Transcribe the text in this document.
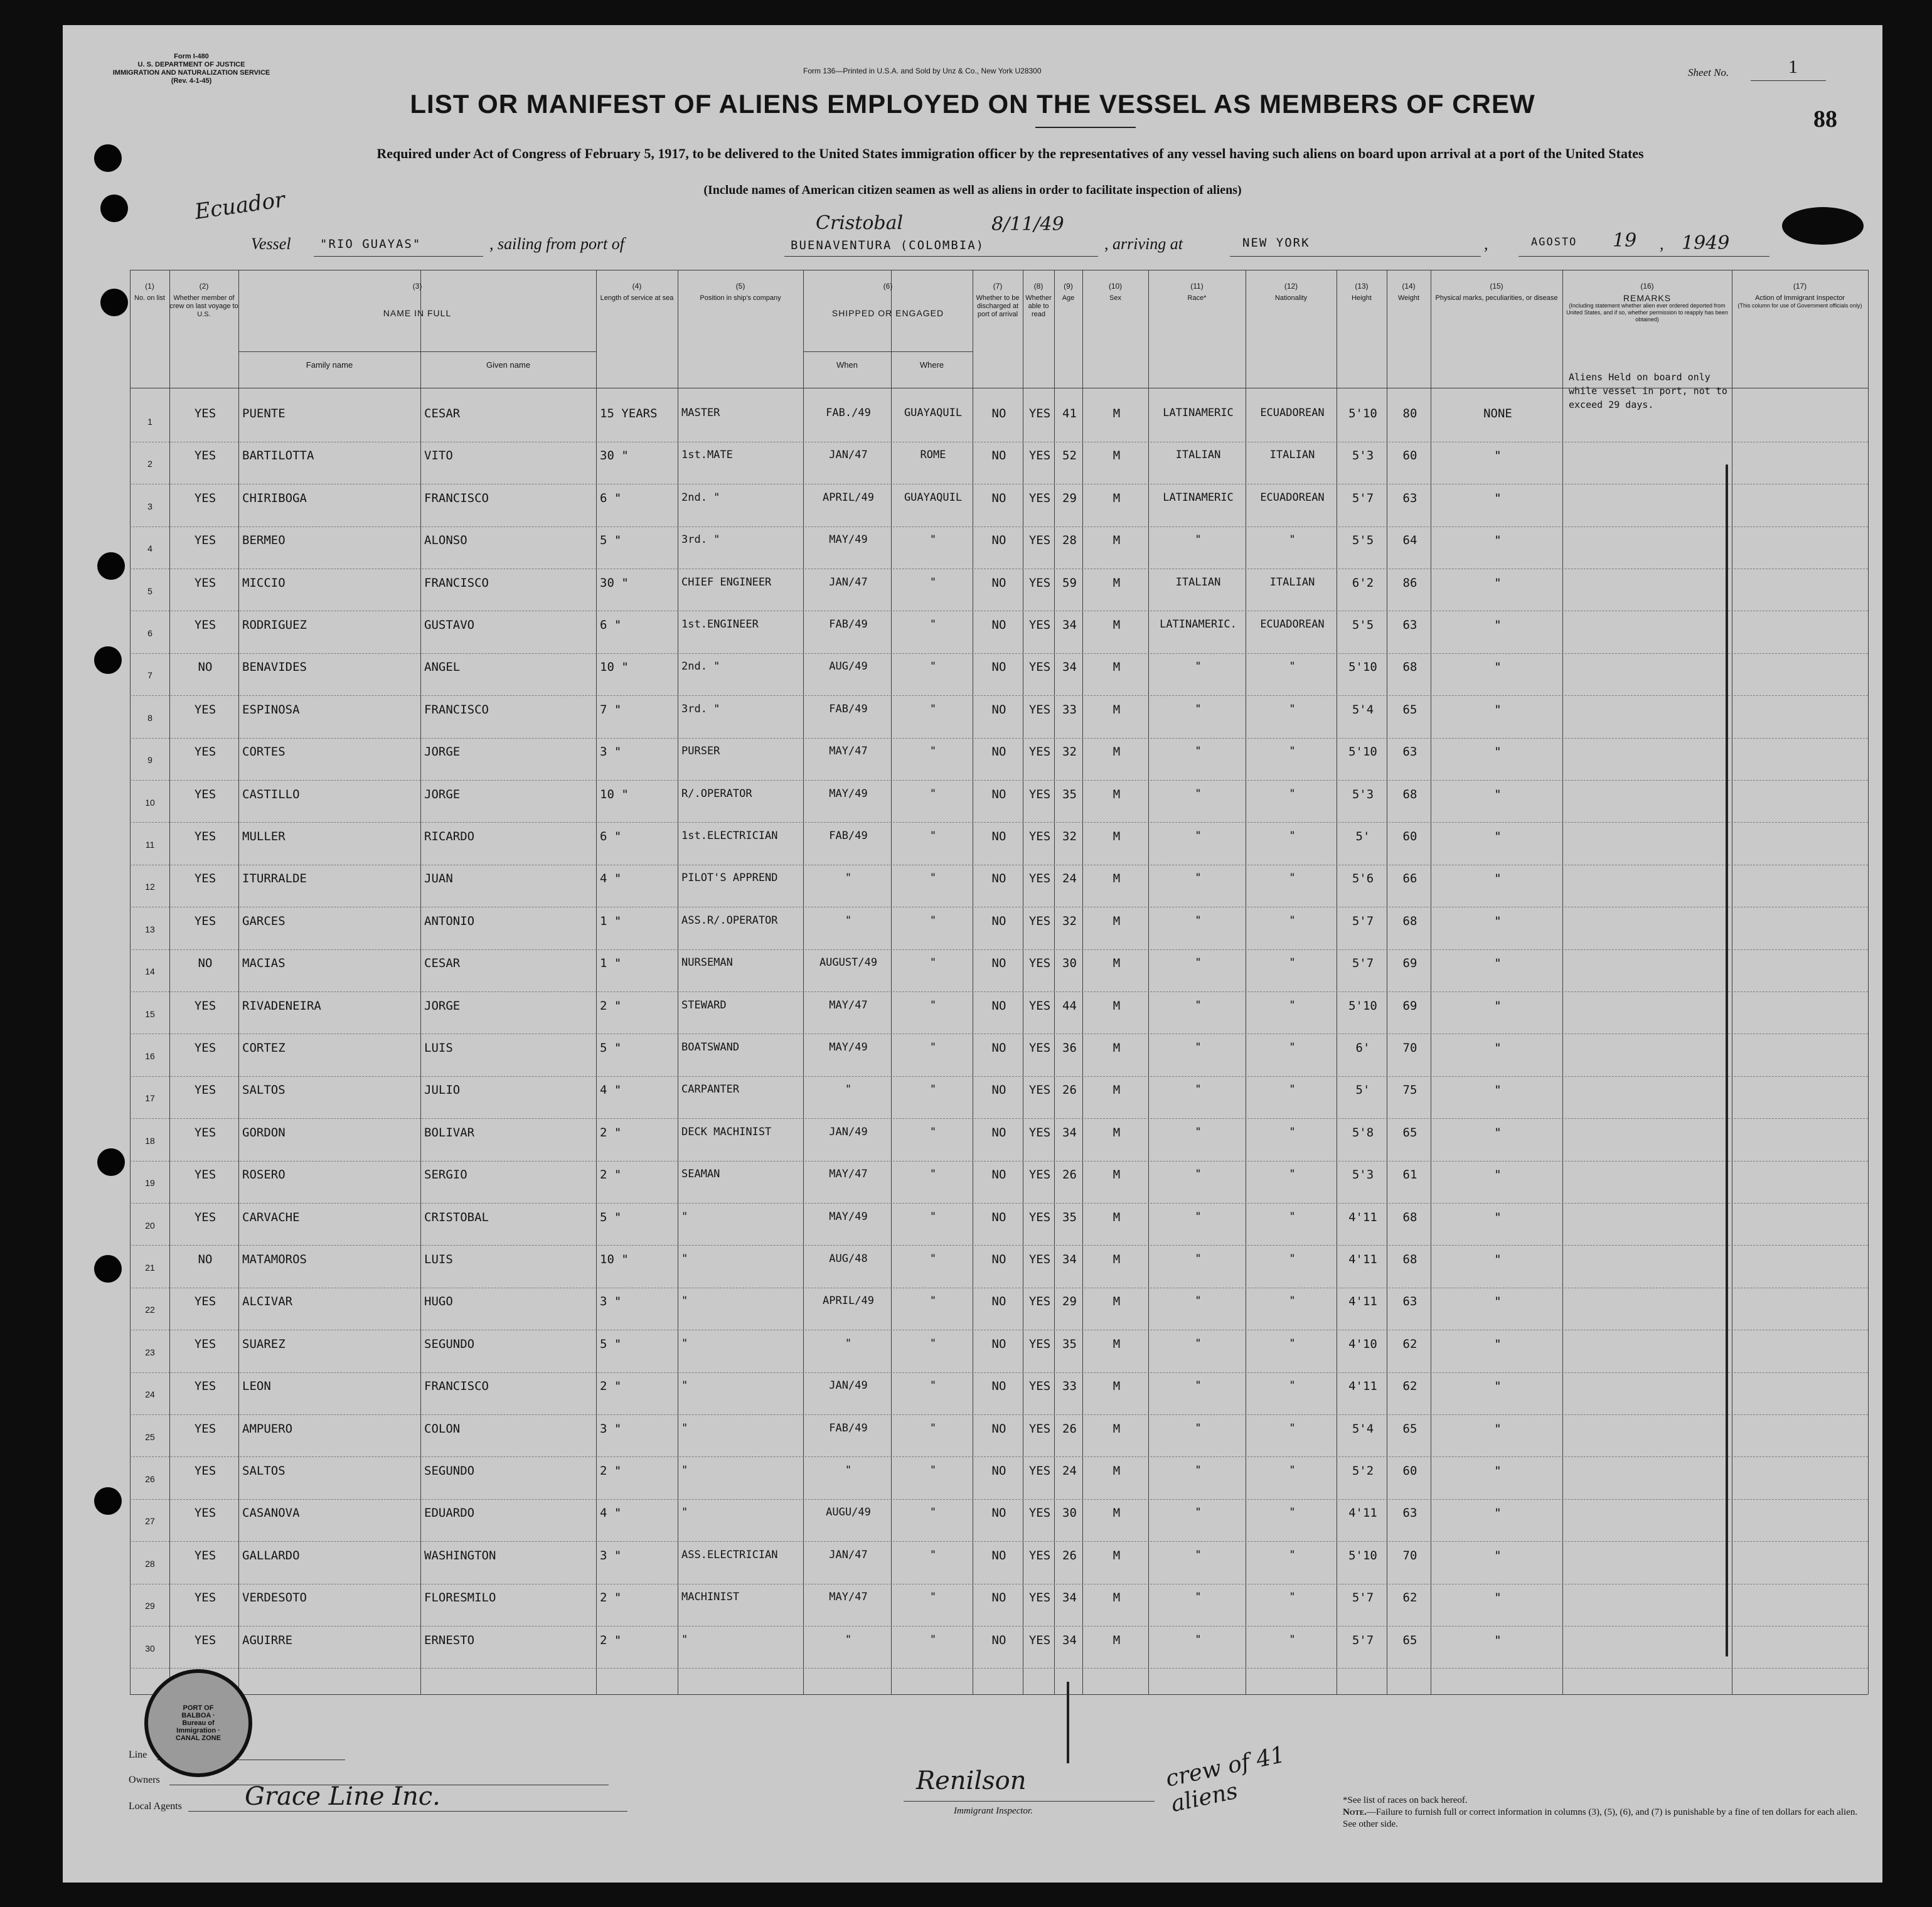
Form I-480
U. S. DEPARTMENT OF JUSTICE
IMMIGRATION AND NATURALIZATION SERVICE
(Rev. 4-1-45)
Form 136—Printed in U.S.A. and Sold by Unz & Co., New York U28300	Sheet No.	1
88
LIST OR MANIFEST OF ALIENS EMPLOYED ON THE VESSEL AS MEMBERS OF CREW
Required under Act of Congress of February 5, 1917, to be delivered to the United States immigration officer by the representatives of any vessel having such aliens on board upon arrival at a port of the United States
(Include names of American citizen seamen as well as aliens in order to facilitate inspection of aliens)
Ecuador
Vessel "RIO GUAYAS"	, sailing from port of	BUENAVENTURA (COLOMBIA)
Cristobal	8/11/49
, arriving at	NEW YORK	,	AGOSTO 19 , 1949
(1)
No. on list
(2)
Whether member of crew on last voyage to U.S.
(3)
NAME IN FULL
Family name	Given name
(4)
Length of service at sea
(5)
Position in ship's company
(6)
SHIPPED OR ENGAGED
When	Where
(7)
Whether to be discharged at port of arrival
(8)
Whether able to read
(9)
Age
(10)
Sex
(11)
Race*
(12)
Nationality
(13)
Height
(14)
Weight
(15)
Physical marks, peculiarities, or disease
(16)
REMARKS
(Including statement whether alien ever ordered deported from United States, and if so, whether permission to reapply has been obtained)
(17)
Action of Immigrant Inspector
(This column for use of Government officials only)
1
YES	PUENTE	CESAR	15 YEARS	MASTER	FAB./49	GUAYAQUIL	NO	YES 41	M	LATINAMERIC	ECUADOREAN	5'10	80	NONE
2
YES	BARTILOTTA	VITO	30 "	1st.MATE	JAN/47	ROME	NO	YES 52	M	ITALIAN	ITALIAN	5'3	60	"
3
YES	CHIRIBOGA	FRANCISCO	6 "	2nd. "	APRIL/49	GUAYAQUIL	NO	YES 29	M	LATINAMERIC	ECUADOREAN	5'7	63	"
4
YES	BERMEO	ALONSO	5 "	3rd. "	MAY/49	"	NO	YES 28	M	"	"	5'5	64	"
5
YES	MICCIO	FRANCISCO	30 "	CHIEF ENGINEER	JAN/47	"	NO	YES 59	M	ITALIAN	ITALIAN	6'2	86	"
6
YES	RODRIGUEZ	GUSTAVO	6 "	1st.ENGINEER	FAB/49	"	NO	YES 34	M	LATINAMERIC.	ECUADOREAN	5'5	63	"
7
NO	BENAVIDES	ANGEL	10 "	2nd. "	AUG/49	"	NO	YES 34	M	"	"	5'10	68	"
8
YES	ESPINOSA	FRANCISCO	7 "	3rd. "	FAB/49	"	NO	YES 33	M	"	"	5'4	65	"
9
YES	CORTES	JORGE	3 "	PURSER	MAY/47	"	NO	YES 32	M	"	"	5'10	63	"
10
YES	CASTILLO	JORGE	10 "	R/.OPERATOR	MAY/49	"	NO	YES 35	M	"	"	5'3	68	"
11
YES	MULLER	RICARDO	6 "	1st.ELECTRICIAN	FAB/49	"	NO	YES 32	M	"	"	5'	60	"
12
YES	ITURRALDE	JUAN	4 "	PILOT'S APPREND	"	"	NO	YES 24	M	"	"	5'6	66	"
13
YES	GARCES	ANTONIO	1 "	ASS.R/.OPERATOR	"	"	NO	YES 32	M	"	"	5'7	68	"
14
NO	MACIAS	CESAR	1 "	NURSEMAN	AUGUST/49	"	NO	YES 30	M	"	"	5'7	69	"
15
YES	RIVADENEIRA	JORGE	2 "	STEWARD	MAY/47	"	NO	YES 44	M	"	"	5'10	69	"
16
YES	CORTEZ	LUIS	5 "	BOATSWAND	MAY/49	"	NO	YES 36	M	"	"	6'	70	"
17
YES	SALTOS	JULIO	4 "	CARPANTER	"	"	NO	YES 26	M	"	"	5'	75	"
18
YES	GORDON	BOLIVAR	2 "	DECK MACHINIST	JAN/49	"	NO	YES 34	M	"	"	5'8	65	"
19
YES	ROSERO	SERGIO	2 "	SEAMAN	MAY/47	"	NO	YES 26	M	"	"	5'3	61	"
20
YES	CARVACHE	CRISTOBAL	5 "	"	MAY/49	"	NO	YES 35	M	"	"	4'11	68	"
21
NO	MATAMOROS	LUIS	10 "	"	AUG/48	"	NO	YES 34	M	"	"	4'11	68	"
22
YES	ALCIVAR	HUGO	3 "	"	APRIL/49	"	NO	YES 29	M	"	"	4'11	63	"
23
YES	SUAREZ	SEGUNDO	5 "	"	"	"	NO	YES 35	M	"	"	4'10	62	"
24
YES	LEON	FRANCISCO	2 "	"	JAN/49	"	NO	YES 33	M	"	"	4'11	62	"
25
YES	AMPUERO	COLON	3 "	"	FAB/49	"	NO	YES 26	M	"	"	5'4	65	"
26
YES	SALTOS	SEGUNDO	2 "	"	"	"	NO	YES 24	M	"	"	5'2	60	"
27
YES	CASANOVA	EDUARDO	4 "	"	AUGU/49	"	NO	YES 30	M	"	"	4'11	63	"
28
YES	GALLARDO	WASHINGTON	3 "	ASS.ELECTRICIAN	JAN/47	"	NO	YES 26	M	"	"	5'10	70	"
29
YES	VERDESOTO	FLORESMILO	2 "	MACHINIST	MAY/47	"	NO	YES 34	M	"	"	5'7	62	"
30
YES	AGUIRRE	ERNESTO	2 "	"	"	"	NO	YES 34	M	"	"	5'7	65	"
Aliens Held on board only
while vessel in port, not to
exceed 29 days.
Line
Owners
Local Agents	Grace Line Inc.
Renilson
Immigrant Inspector.
crew of 41 aliens	*See list of races on back hereof.
Note.—Failure to furnish full or correct information in columns (3), (5), (6), and (7) is punishable by a fine of ten dollars for each alien. See other side.
PORT OF BALBOA · Bureau of Immigration · CANAL ZONE
